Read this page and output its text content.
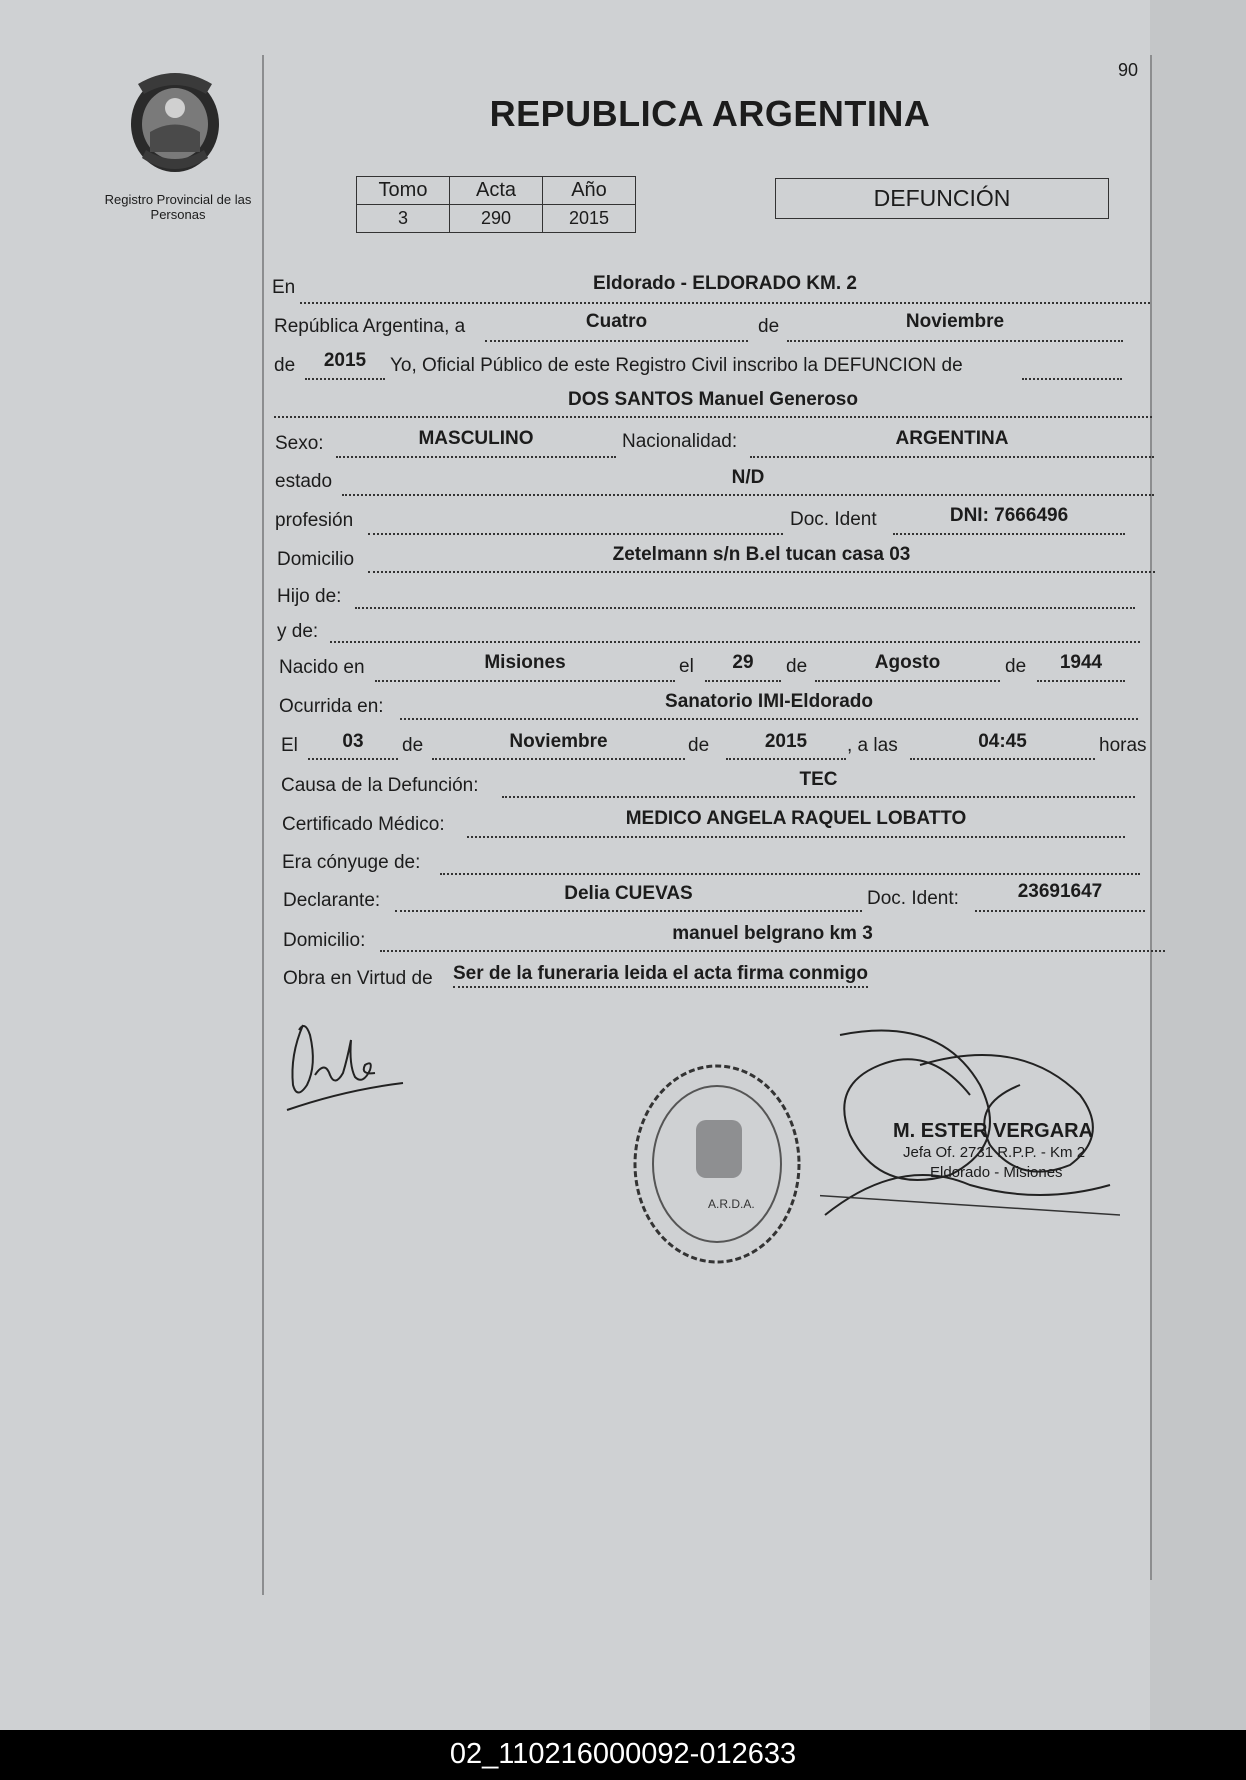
90
Registro Provincial de las Personas
REPUBLICA ARGENTINA
Tomo	Acta	Año
3	290	2015
DEFUNCIÓN
En	Eldorado - ELDORADO KM. 2
República Argentina, a	Cuatro	de	Noviembre
de	2015	Yo, Oficial Público de este Registro Civil inscribo la DEFUNCION de
DOS SANTOS Manuel Generoso
Sexo:	MASCULINO	Nacionalidad:	ARGENTINA
estado	N/D
profesión	Doc. Ident	DNI: 7666496
Domicilio	Zetelmann s/n B.el tucan casa 03
Hijo de:
y de:
Nacido en	Misiones	el	29	de	Agosto	de	1944
Ocurrida en:	Sanatorio IMI-Eldorado
El	03	de	Noviembre	de	2015	, a las	04:45	horas
Causa de la Defunción:	TEC
Certificado Médico:	MEDICO ANGELA RAQUEL LOBATTO
Era cónyuge de:
Declarante:	Delia CUEVAS	Doc. Ident:	23691647
Domicilio:	manuel belgrano km 3
Obra en Virtud de Ser de la funeraria leida el acta firma conmigo
A.R.D.A.
M. ESTER VERGARA
Jefa Of. 2731 R.P.P. - Km 2
Eldorado - Misiones
02_110216000092-012633
